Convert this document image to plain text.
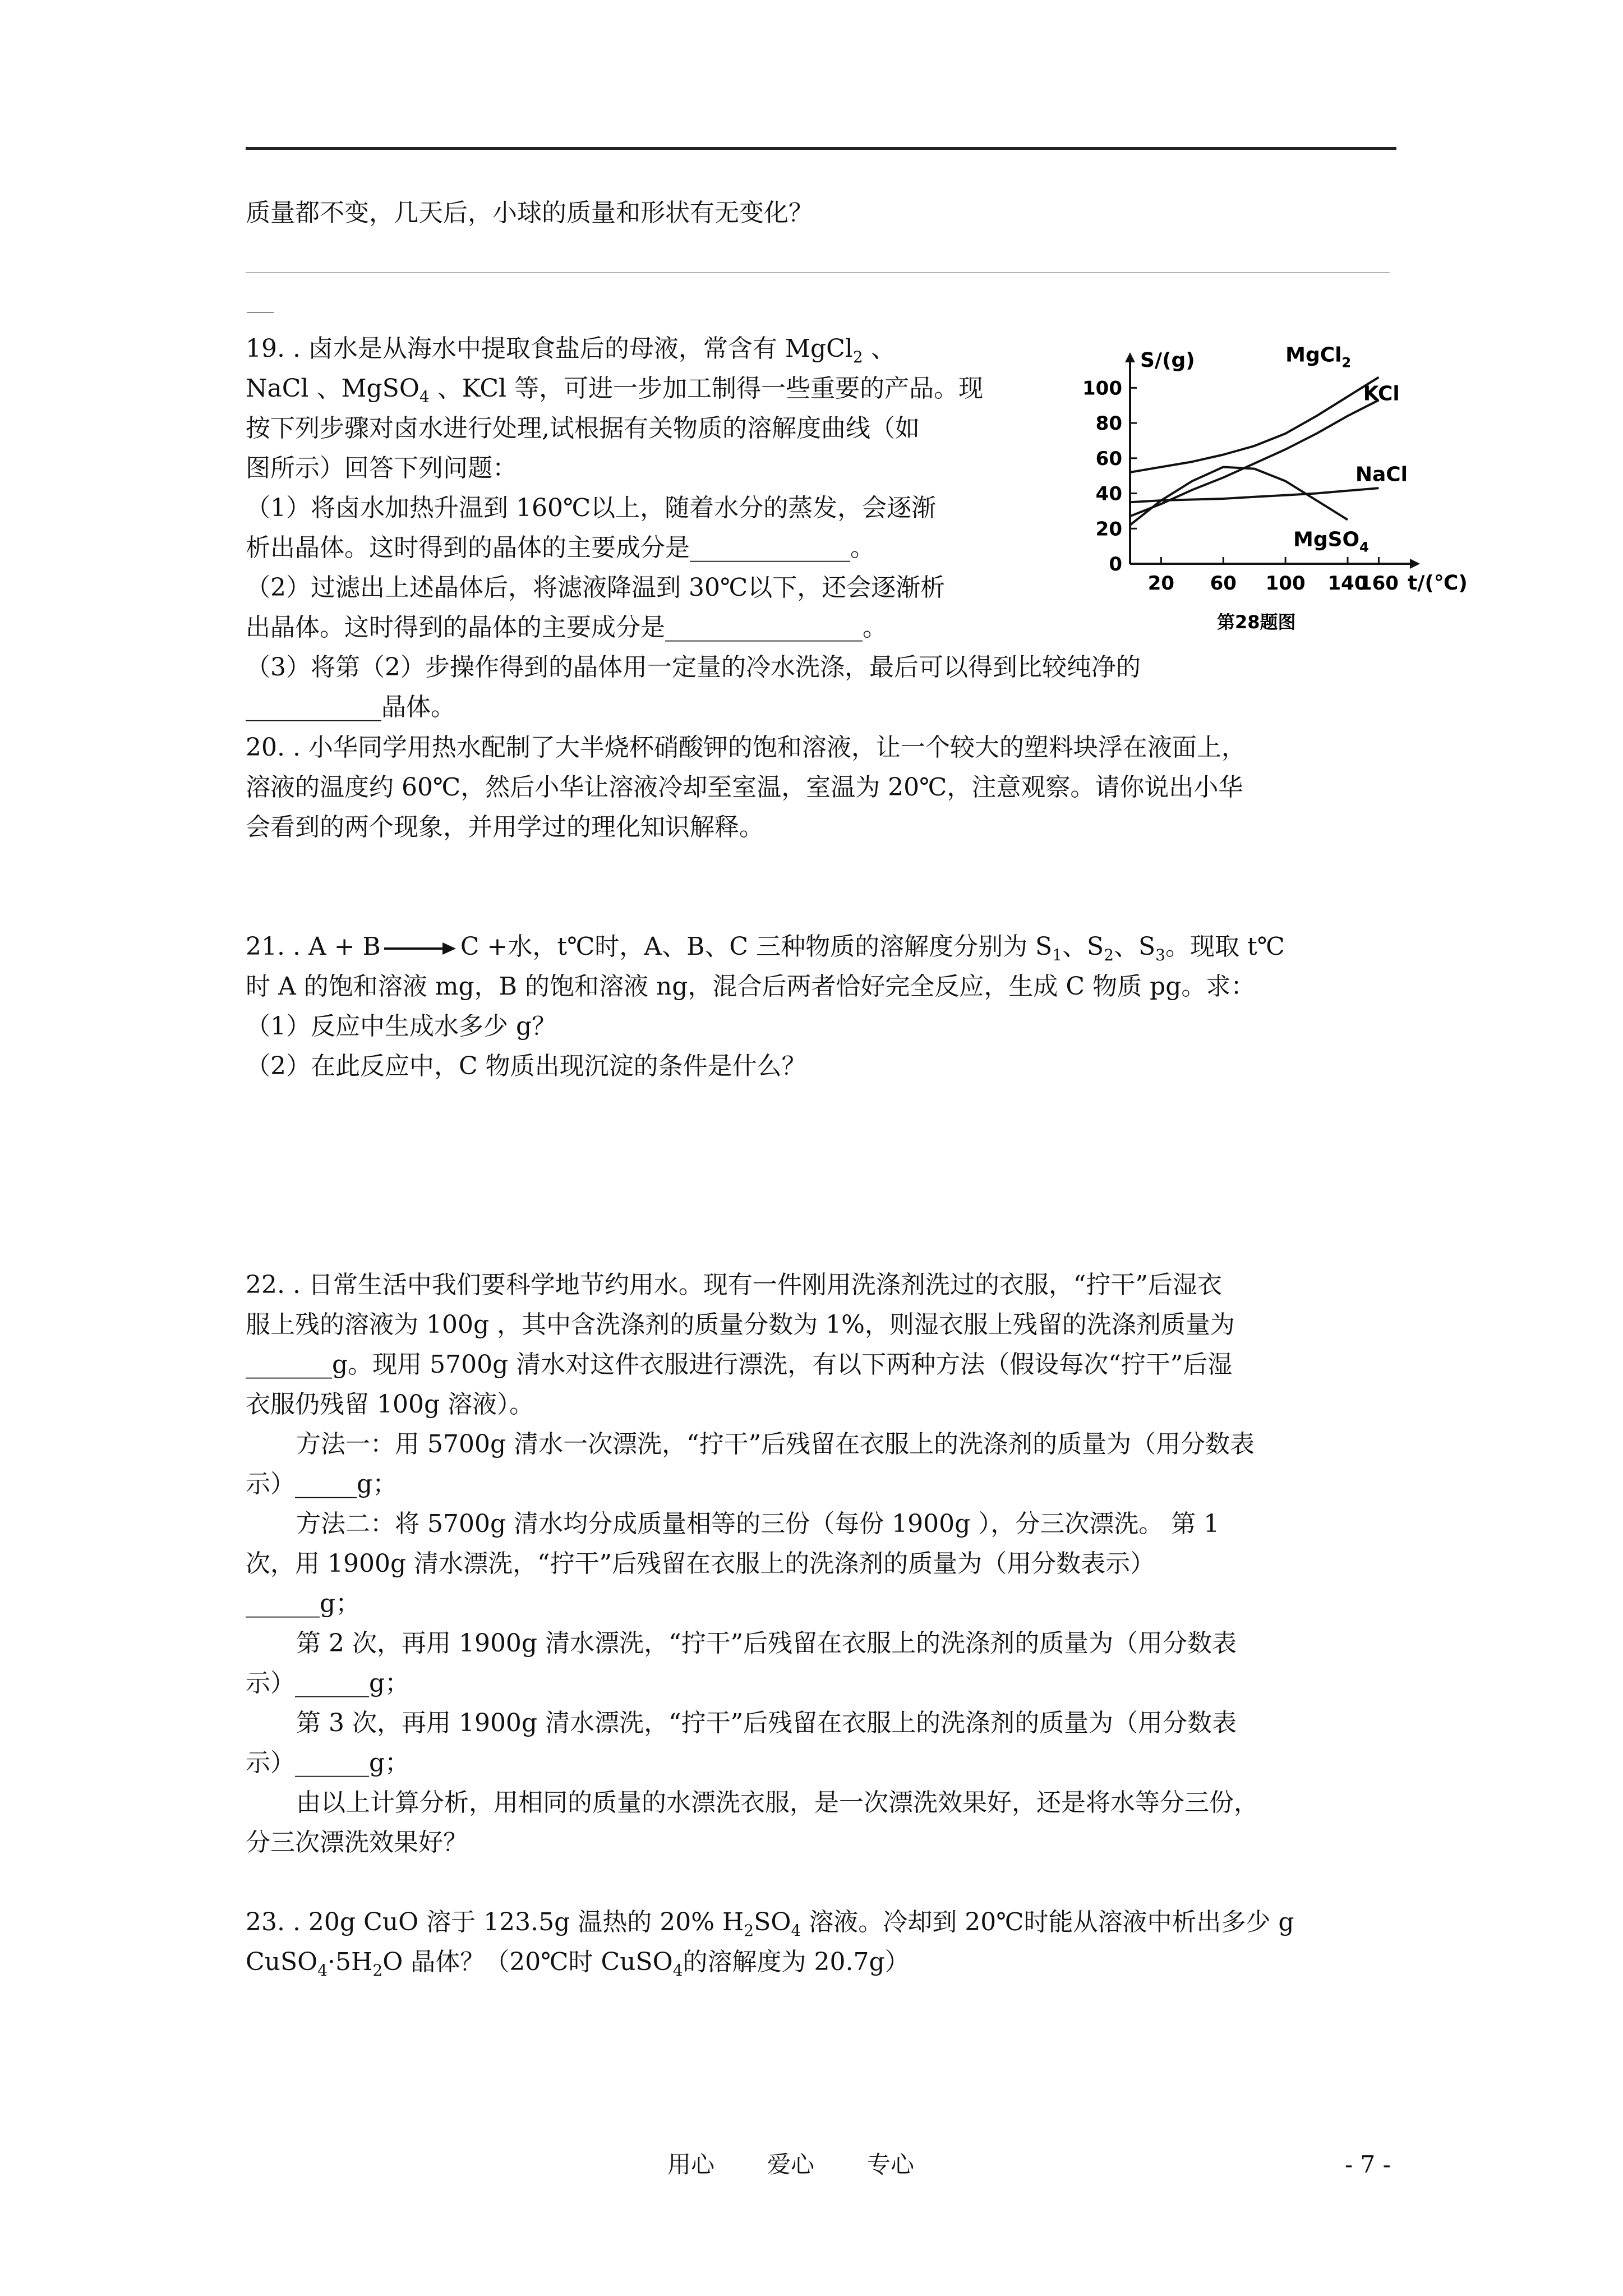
质量都不变，几天后，小球的质量和形状有无变化？
19. . 卤水是从海水中提取食盐后的母液，常含有 MgCl$_2$ 、
NaCl 、MgSO$_4$ 、KCl 等，可进一步加工制得一些重要的产品。现
按下列步骤对卤水进行处理,试根据有关物质的溶解度曲线（如
图所示）回答下列问题：
（1）将卤水加热升温到 160℃以上，随着水分的蒸发，会逐渐
析出晶体。这时得到的晶体的主要成分是_____________。
（2）过滤出上述晶体后，将滤液降温到 30℃以下，还会逐渐析
出晶体。这时得到的晶体的主要成分是________________。
（3）将第（2）步操作得到的晶体用一定量的冷水洗涤，最后可以得到比较纯净的
___________晶体。
0
20
40
60
80
100
20 60 100 140
160
S/(g)
t/(℃)
MgCl$_2$
KCl
NaCl
MgSO$_4$
第28题图
20. . 小华同学用热水配制了大半烧杯硝酸钾的饱和溶液，让一个较大的塑料块浮在液面上，
溶液的温度约 60℃，然后小华让溶液冷却至室温，室温为 20℃，注意观察。请你说出小华
会看到的两个现象，并用学过的理化知识解释。
21. . A + B → C +水，t℃时，A、B、C 三种物质的溶解度分别为 $S_1$、$S_2$、$S_3$。现取 t℃
时 A 的饱和溶液 mg，B 的饱和溶液 ng，混合后两者恰好完全反应，生成 C 物质 pg。求：
（1）反应中生成水多少 g？
（2）在此反应中，C 物质出现沉淀的条件是什么？
22. . 日常生活中我们要科学地节约用水。现有一件刚用洗涤剂洗过的衣服，“拧干”后湿衣
服上残的溶液为 100g ，其中含洗涤剂的质量分数为 1%，则湿衣服上残留的洗涤剂质量为
_______g。现用 5700g 清水对这件衣服进行漂洗，有以下两种方法（假设每次“拧干”后湿
衣服仍残留 100g 溶液）。
方法一：用 5700g 清水一次漂洗，“拧干”后残留在衣服上的洗涤剂的质量为（用分数表
示）_____g；
方法二：将 5700g 清水均分成质量相等的三份（每份 1900g ），分三次漂洗。 第 1
次，用 1900g 清水漂洗，“拧干”后残留在衣服上的洗涤剂的质量为（用分数表示）
______g；
第 2 次，再用 1900g 清水漂洗，“拧干”后残留在衣服上的洗涤剂的质量为（用分数表
示）______g；
第 3 次，再用 1900g 清水漂洗，“拧干”后残留在衣服上的洗涤剂的质量为（用分数表
示）______g；
由以上计算分析，用相同的质量的水漂洗衣服，是一次漂洗效果好，还是将水等分三份，
分三次漂洗效果好？
23. . 20g CuO 溶于 123.5g 温热的 20% $H_2SO_4$ 溶液。冷却到 20℃时能从溶液中析出多少 g
$CuSO_4\cdot 5H_2O$ 晶体？（20℃时 CuSO$_4$的溶解度为 20.7g）
用心 爱心 专心	- 7 -
